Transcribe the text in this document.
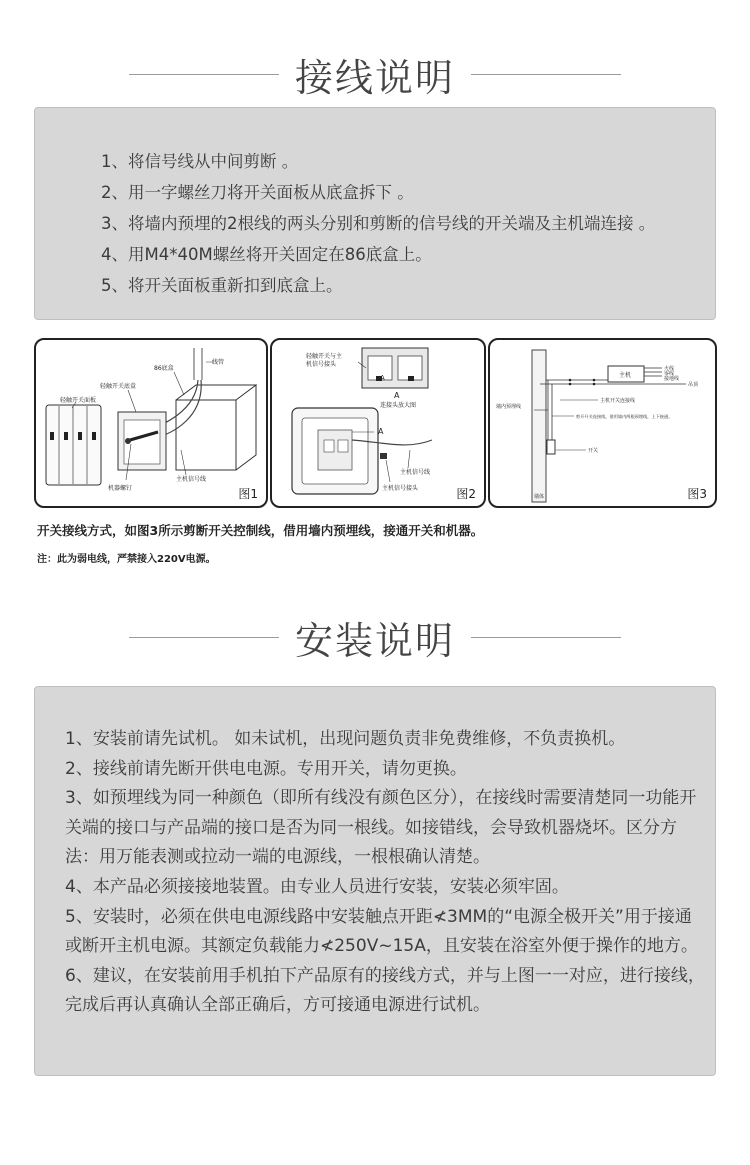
接线说明
1、将信号线从中间剪断 。
2、用一字螺丝刀将开关面板从底盒拆下 。
3、将墙内预埋的2根线的两头分别和剪断的信号线的开关端及主机端连接 。
4、用M4*40M螺丝将开关固定在86底盒上。
5、将开关面板重新扣到底盒上。
线管
86底盒
轻触开关底盒
轻触开关面板
主机信号线
机器螺钉	图1
轻触开关与主
机信号接头
A
A
连接头放大图
A
主机信号线
主机信号接头	图2
主机
火线
零线
接地线
吊顶
墙内预埋线
主机开关连接线
剪开开关连接线，借用墙内两根预埋线，上下接通。
开关
墙体	图3
开关接线方式，如图3所示剪断开关控制线，借用墙内预埋线，接通开关和机器。
注：此为弱电线，严禁接入220V电源。
安装说明
1、安装前请先试机。 如未试机，出现问题负责非免费维修，不负责换机。
2、接线前请先断开供电电源。专用开关，请勿更换。
3、如预埋线为同一种颜色（即所有线没有颜色区分），在接线时需要清楚同一功能开关端的接口与产品端的接口是否为同一根线。如接错线，会导致机器烧坏。区分方法：用万能表测或拉动一端的电源线，一根根确认清楚。
4、本产品必须接接地装置。由专业人员进行安装，安装必须牢固。
5、安装时，必须在供电电源线路中安装触点开距≮3MM的“电源全极开关”用于接通或断开主机电源。其额定负载能力≮250V~15A，且安装在浴室外便于操作的地方。
6、建议，在安装前用手机拍下产品原有的接线方式，并与上图一一对应，进行接线，完成后再认真确认全部正确后，方可接通电源进行试机。
